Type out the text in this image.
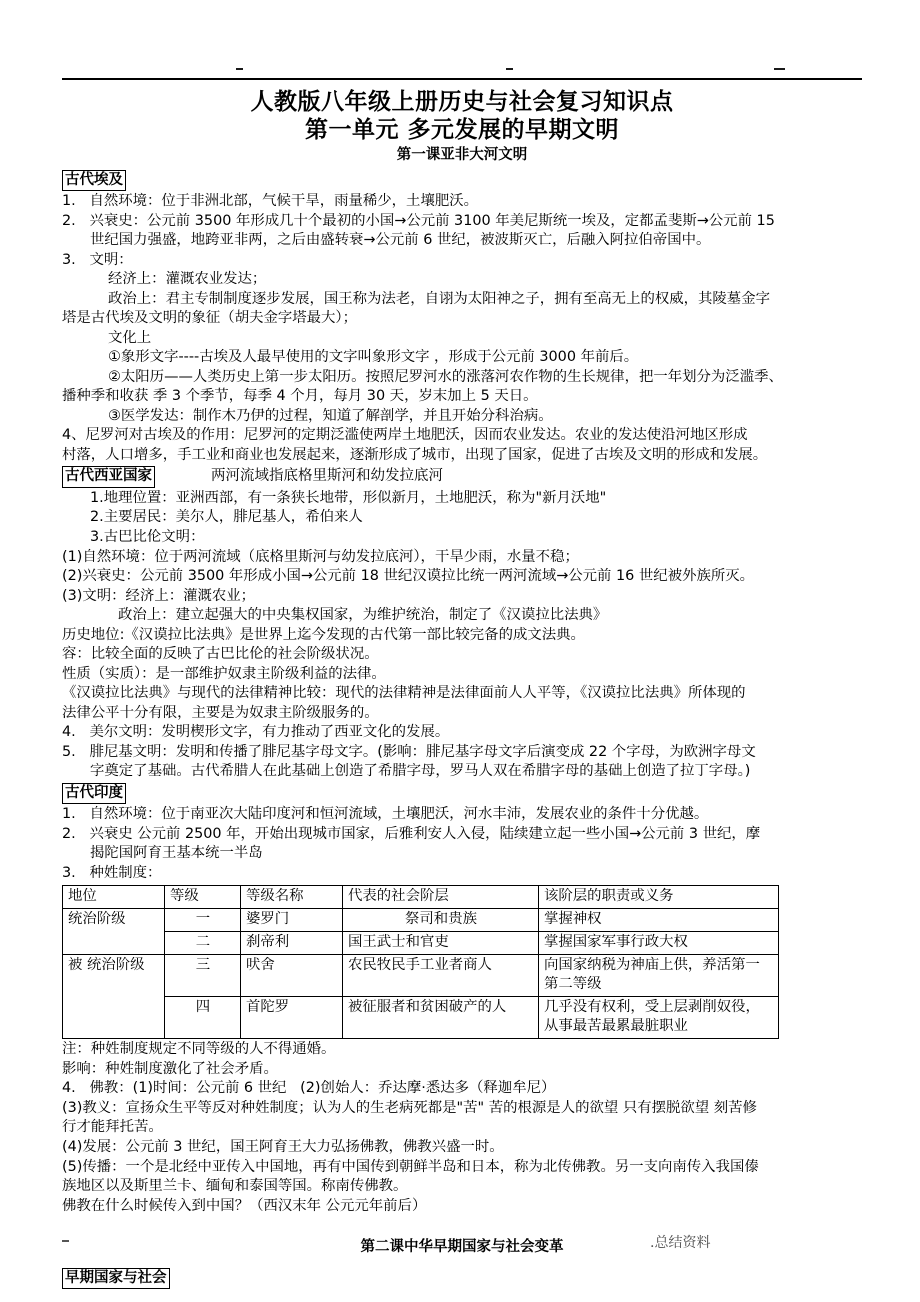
人教版八年级上册历史与社会复习知识点
第一单元 多元发展的早期文明
第一课亚非大河文明
古代埃及

1.   自然环境：位于非洲北部，气候干旱，雨量稀少，土壤肥沃。

2.   兴衰史：公元前 3500 年形成几十个最初的小国→公元前 3100 年美尼斯统一埃及，定都孟斐斯→公元前 15

世纪国力强盛，地跨亚非两，之后由盛转衰→公元前 6 世纪，被波斯灭亡，后融入阿拉伯帝国中。

3.   文明：

经济上：灌溉农业发达；

政治上：君主专制制度逐步发展，国王称为法老，自诩为太阳神之子，拥有至高无上的权威，其陵墓金字

塔是古代埃及文明的象征（胡夫金字塔最大）；

文化上

①象形文字----古埃及人最早使用的文字叫象形文字 ，形成于公元前 3000 年前后。

②太阳历——人类历史上第一步太阳历。按照尼罗河水的涨落河农作物的生长规律，把一年划分为泛滥季、

播种季和收获 季 3 个季节，每季 4 个月，每月 30 天，岁末加上 5 天日。

③医学发达：制作木乃伊的过程，知道了解剖学，并且开始分科治病。

4、尼罗河对古埃及的作用：尼罗河的定期泛滥使两岸土地肥沃，因而农业发达。农业的发达使沿河地区形成

村落，人口增多，手工业和商业也发展起来，逐渐形成了城市，出现了国家，促进了古埃及文明的形成和发展。

古代西亚国家	两河流域指底格里斯河和幼发拉底河

1.地理位置：亚洲西部，有一条狭长地带，形似新月，土地肥沃，称为"新月沃地"

2.主要居民：美尔人，腓尼基人，希伯来人

3.古巴比伦文明：

(1)自然环境：位于两河流域（底格里斯河与幼发拉底河），干旱少雨，水量不稳；

(2)兴衰史：公元前 3500 年形成小国→公元前 18 世纪汉谟拉比统一两河流域→公元前 16 世纪被外族所灭。

(3)文明：经济上：灌溉农业；

政治上：建立起强大的中央集权国家，为维护统治，制定了《汉谟拉比法典》

历史地位:《汉谟拉比法典》是世界上迄今发现的古代第一部比较完备的成文法典。

容：比较全面的反映了古巴比伦的社会阶级状况。

性质（实质）：是一部维护奴隶主阶级利益的法律。

《汉谟拉比法典》与现代的法律精神比较：现代的法律精神是法律面前人人平等，《汉谟拉比法典》所体现的

法律公平十分有限，主要是为奴隶主阶级服务的。

4.   美尔文明：发明楔形文字，有力推动了西亚文化的发展。

5.   腓尼基文明：发明和传播了腓尼基字母文字。(影响：腓尼基字母文字后演变成 22 个字母，为欧洲字母文

字奠定了基础。古代希腊人在此基础上创造了希腊字母，罗马人双在希腊字母的基础上创造了拉丁字母。)

古代印度

1.   自然环境：位于南亚次大陆印度河和恒河流域，土壤肥沃，河水丰沛，发展农业的条件十分优越。

2.   兴衰史 公元前 2500 年，开始出现城市国家，后雅利安人入侵，陆续建立起一些小国→公元前 3 世纪，摩

揭陀国阿育王基本统一半岛

3.   种姓制度：

地位	等级	等级名称	代表的社会阶层	该阶层的职责或义务
统治阶级	一	婆罗门	祭司和贵族	掌握神权
	二	刹帝利	国王武士和官吏	掌握国家军事行政大权
被 统治阶级	三	吠舍	农民牧民手工业者商人	向国家纳税为神庙上供，养活第一第二等级
	四	首陀罗	被征服者和贫困破产的人	几乎没有权利，受上层剥削奴役，从事最苦最累最脏职业

注：种姓制度规定不同等级的人不得通婚。

影响：种姓制度激化了社会矛盾。

4.   佛教：(1)时间：公元前 6 世纪   (2)创始人：乔达摩·悉达多（释迦牟尼）

(3)教义：宣扬众生平等反对种姓制度；认为人的生老病死都是"苦" 苦的根源是人的欲望 只有摆脱欲望 刻苦修

行才能拜托苦。

(4)发展：公元前 3 世纪，国王阿育王大力弘扬佛教，佛教兴盛一时。

(5)传播：一个是北经中亚传入中国地，再有中国传到朝鲜半岛和日本，称为北传佛教。另一支向南传入我国傣

族地区以及斯里兰卡、缅甸和泰国等国。称南传佛教。

佛教在什么时候传入到中国？（西汉末年 公元元年前后）

第二课中华早期国家与社会变革
早期国家与社会
.总结资料
